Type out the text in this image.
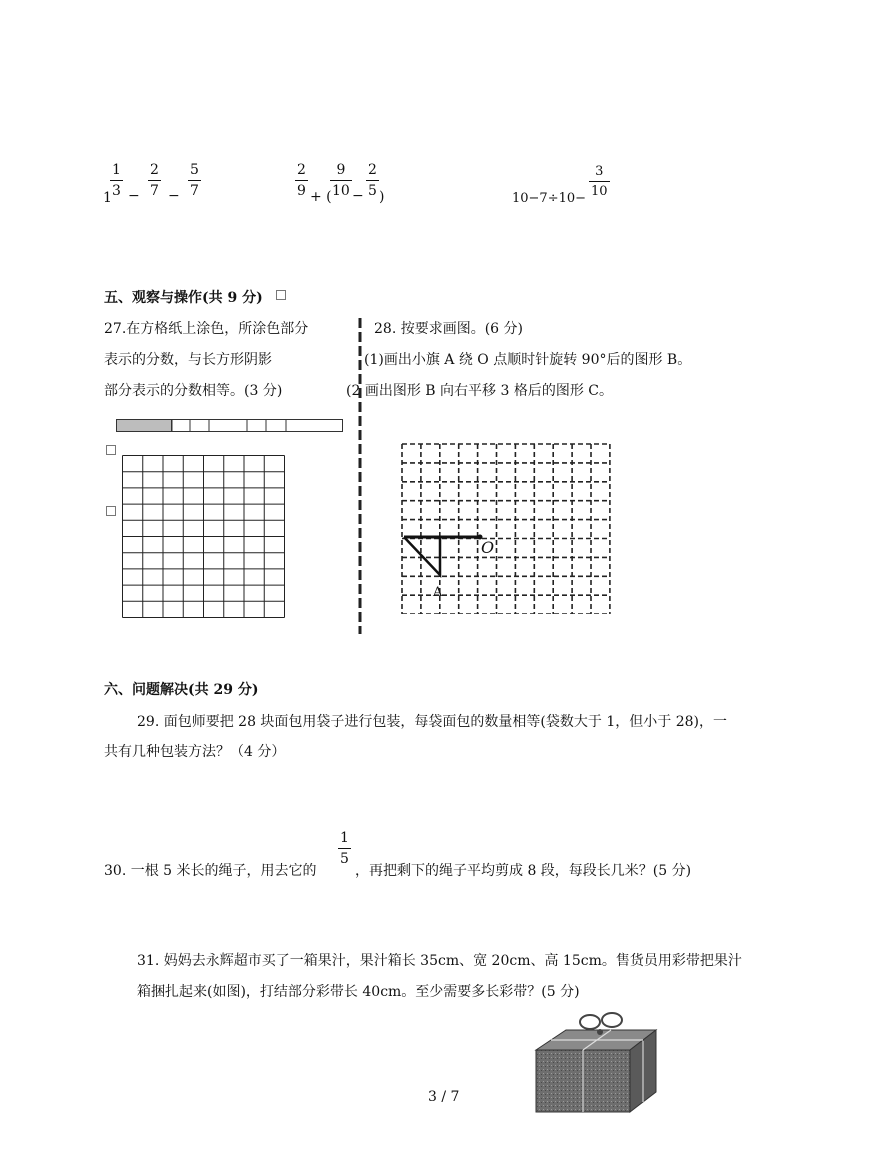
1
1
3 −
2
7 −
5
7
2
9 + (
9
10 −
2
5 )	10−7÷10−
3
10
五、观察与操作(共 9 分)
27.在方格纸上涂色，所涂色部分
表示的分数，与长方形阴影
部分表示的分数相等。(3 分)
28. 按要求画图。(6 分)
(1)画出小旗 A 绕 O 点顺时针旋转 90°后的图形 B。
(2 画出图形 B 向右平移 3 格后的图形 C。
O
A
六、问题解决(共 29 分)
29. 面包师要把 28 块面包用袋子进行包装，每袋面包的数量相等(袋数大于 1，但小于 28)，一
共有几种包装方法？（4 分）
30. 一根 5 米长的绳子，用去它的
1
5
，再把剩下的绳子平均剪成 8 段，每段长几米？(5 分)
31. 妈妈去永辉超市买了一箱果汁，果汁箱长 35cm、宽 20cm、高 15cm。售货员用彩带把果汁
箱捆扎起来(如图)，打结部分彩带长 40cm。至少需要多长彩带？(5 分)
3 / 7
